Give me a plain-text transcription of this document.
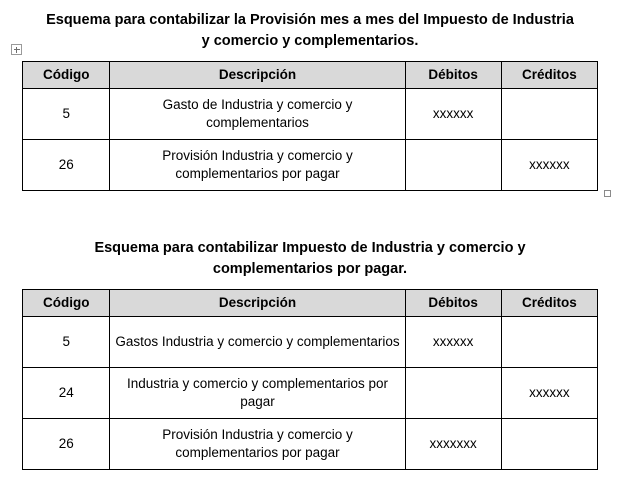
Esquema para contabilizar la Provisión mes a mes del Impuesto de Industria y comercio y complementarios.
Código	Descripción	Débitos	Créditos
5	Gasto de Industria y comercio y complementarios	xxxxxx	
26	Provisión Industria y comercio y complementarios por pagar		xxxxxx
Esquema para contabilizar Impuesto de Industria y comercio y complementarios por pagar.
Código	Descripción	Débitos	Créditos
5	Gastos Industria y comercio y complementarios	xxxxxx	
24	Industria y comercio y complementarios por pagar		xxxxxx
26	Provisión Industria y comercio y complementarios por pagar	xxxxxxx	
